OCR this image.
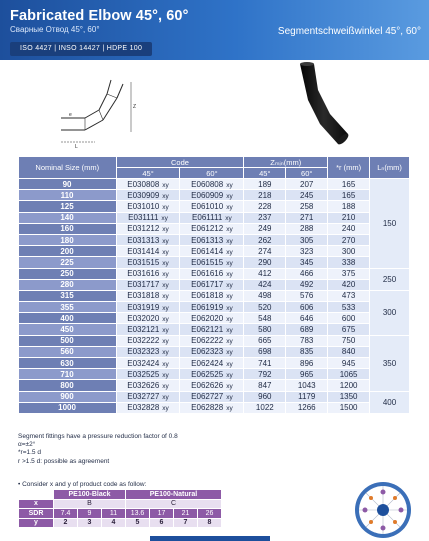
Fabricated Elbow 45°, 60°
Сварные Отвод 45°, 60°
ISO 4427 | INSO 14427 | HDPE 100
Segmentschweißwinkel 45°, 60°
e
Z
L
Nominal Size (mm)	Code		Zₘᵢₙ(mm)		*r (mm)	Lₙ(mm)
	45°	60°	45°	60°		
90	E030808 xy	E060808 xy	189	207	165	150
110	E030909 xy	E060909 xy	218	245	165	
125	E031010 xy	E061010 xy	228	258	188	
140	E031111 xy	E061111 xy	237	271	210	
160	E031212 xy	E061212 xy	249	288	240	
180	E031313 xy	E061313 xy	262	305	270	
200	E031414 xy	E061414 xy	274	323	300	
225	E031515 xy	E061515 xy	290	345	338	
250	E031616 xy	E061616 xy	412	466	375	250
280	E031717 xy	E061717 xy	424	492	420	
315	E031818 xy	E061818 xy	498	576	473	300
355	E031919 xy	E061919 xy	520	606	533	
400	E032020 xy	E062020 xy	548	646	600	
450	E032121 xy	E062121 xy	580	689	675	
500	E032222 xy	E062222 xy	665	783	750	350
560	E032323 xy	E062323 xy	698	835	840	
630	E032424 xy	E062424 xy	741	896	945	
710	E032525 xy	E062525 xy	792	965	1065	
800	E032626 xy	E062626 xy	847	1043	1200	
900	E032727 xy	E062727 xy	960	1179	1350	400
1000	E032828 xy	E062828 xy	1022	1266	1500	
Segment fittings have a pressure reduction factor of 0.8
α=±2°
*r=1.5 d
r >1.5 d: possible as agreement
• Consider x and y of product code as follow:
	PE100-Black			PE100-Natural			
x	B			C			
SDR	7.4	9	11	13.6	17	21	26
y	2	3	4	5	6	7	8
